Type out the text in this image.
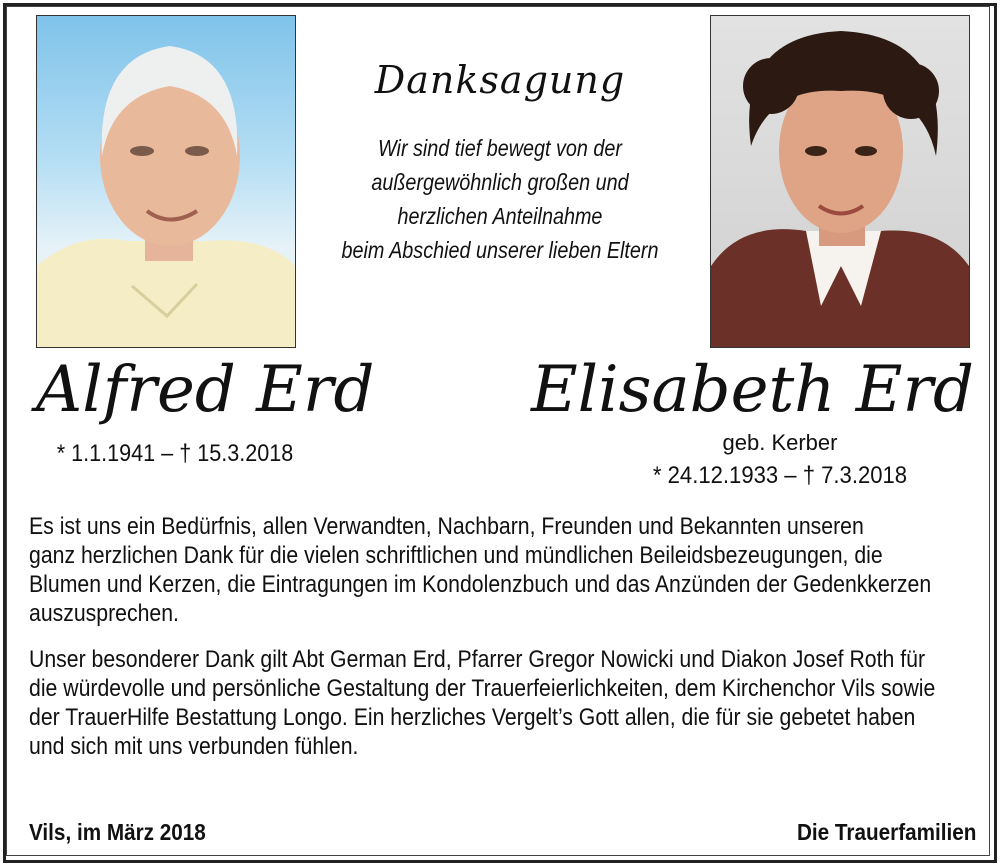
Danksagung
Wir sind tief bewegt von der
außergewöhnlich großen und
herzlichen Anteilnahme
beim Abschied unserer lieben Eltern
Alfred Erd
* 1.1.1941 – † 15.3.2018
Elisabeth Erd
geb. Kerber
* 24.12.1933 – † 7.3.2018

Es ist uns ein Bedürfnis, allen Verwandten, Nachbarn, Freunden und Bekannten unseren
ganz herzlichen Dank für die vielen schriftlichen und mündlichen Beileidsbezeugungen, die
Blumen und Kerzen, die Eintragungen im Kondolenzbuch und das Anzünden der Gedenkkerzen
auszusprechen.

Unser besonderer Dank gilt Abt German Erd, Pfarrer Gregor Nowicki und Diakon Josef Roth für
die würdevolle und persönliche Gestaltung der Trauerfeierlichkeiten, dem Kirchenchor Vils sowie
der TrauerHilfe Bestattung Longo. Ein herzliches Vergelt’s Gott allen, die für sie gebetet haben
und sich mit uns verbunden fühlen.

Vils, im März 2018	Die Trauerfamilien
